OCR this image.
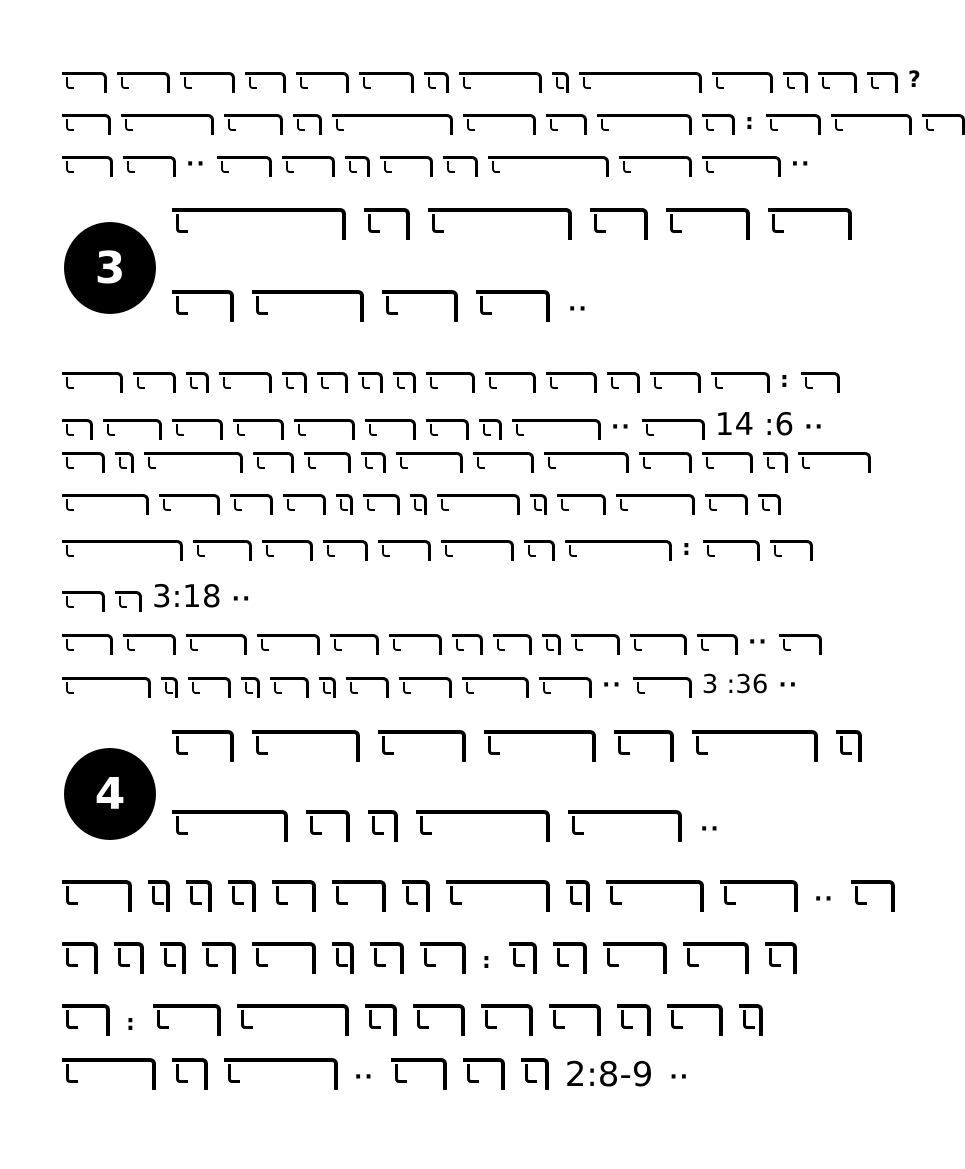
?
:
··	··
3
··
:
··	14 :6 ··
:
3:18 ··
··
··	3 :36 ··
4
··
··
:
:
··	2:8-9 ··
